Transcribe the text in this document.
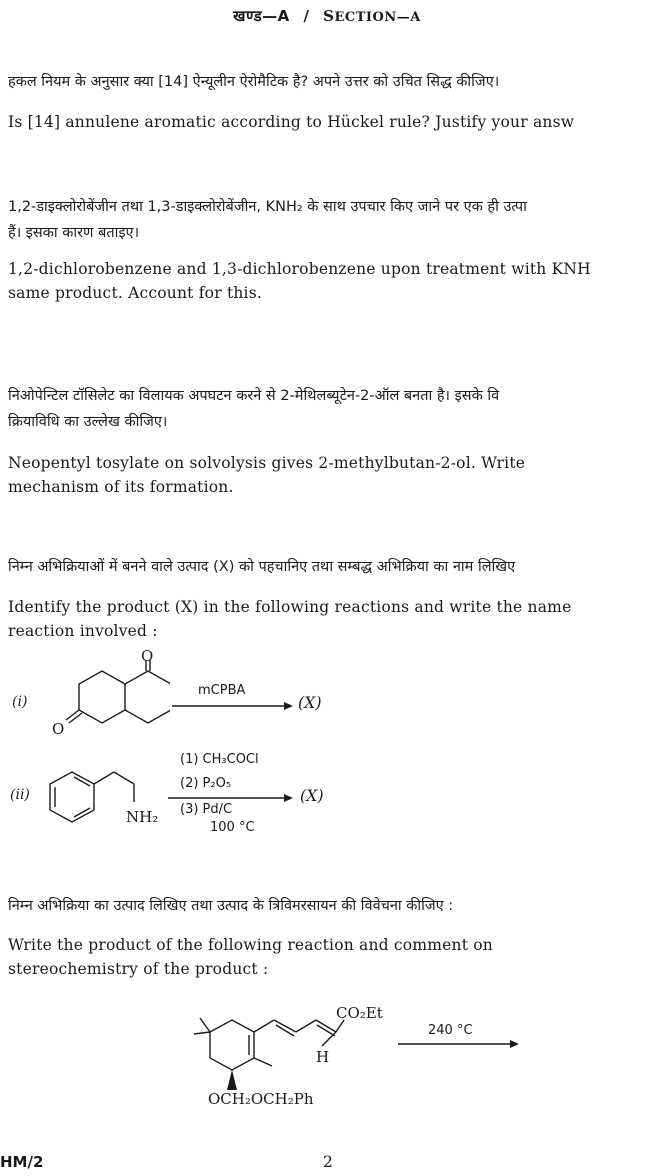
खण्ड—A / SECTION—A
हकल नियम के अनुसार क्या [14] ऐन्यूलीन ऐरोमैटिक है? अपने उत्तर को उचित सिद्ध कीजिए।
Is [14] annulene aromatic according to Hückel rule? Justify your answ
1,2-डाइक्लोरोबेंजीन तथा 1,3-डाइक्लोरोबेंजीन, KNH₂ के साथ उपचार किए जाने पर एक ही उत्पा
हैं। इसका कारण बताइए।
1,2-dichlorobenzene and 1,3-dichlorobenzene upon treatment with KNH
same product. Account for this.
निओपेन्टिल टॉसिलेट का विलायक अपघटन करने से 2-मेथिलब्यूटेन-2-ऑल बनता है। इसके वि
क्रियाविधि का उल्लेख कीजिए।
Neopentyl tosylate on solvolysis gives 2-methylbutan-2-ol. Write
mechanism of its formation.
निम्न अभिक्रियाओं में बनने वाले उत्पाद (X) को पहचानिए तथा सम्बद्ध अभिक्रिया का नाम लिखिए
Identify the product (X) in the following reactions and write the name
reaction involved :
(i)
O
O
mCPBA
(X)
(ii)
NH₂
(1) CH₃COCl
(2) P₂O₅
(3) Pd/C
100 °C
(X)
निम्न अभिक्रिया का उत्पाद लिखिए तथा उत्पाद के त्रिविमरसायन की विवेचना कीजिए :
Write the product of the following reaction and comment on
stereochemistry of the product :
OCH₂OCH₂Ph
CO₂Et
H
240 °C
HM/2	2
